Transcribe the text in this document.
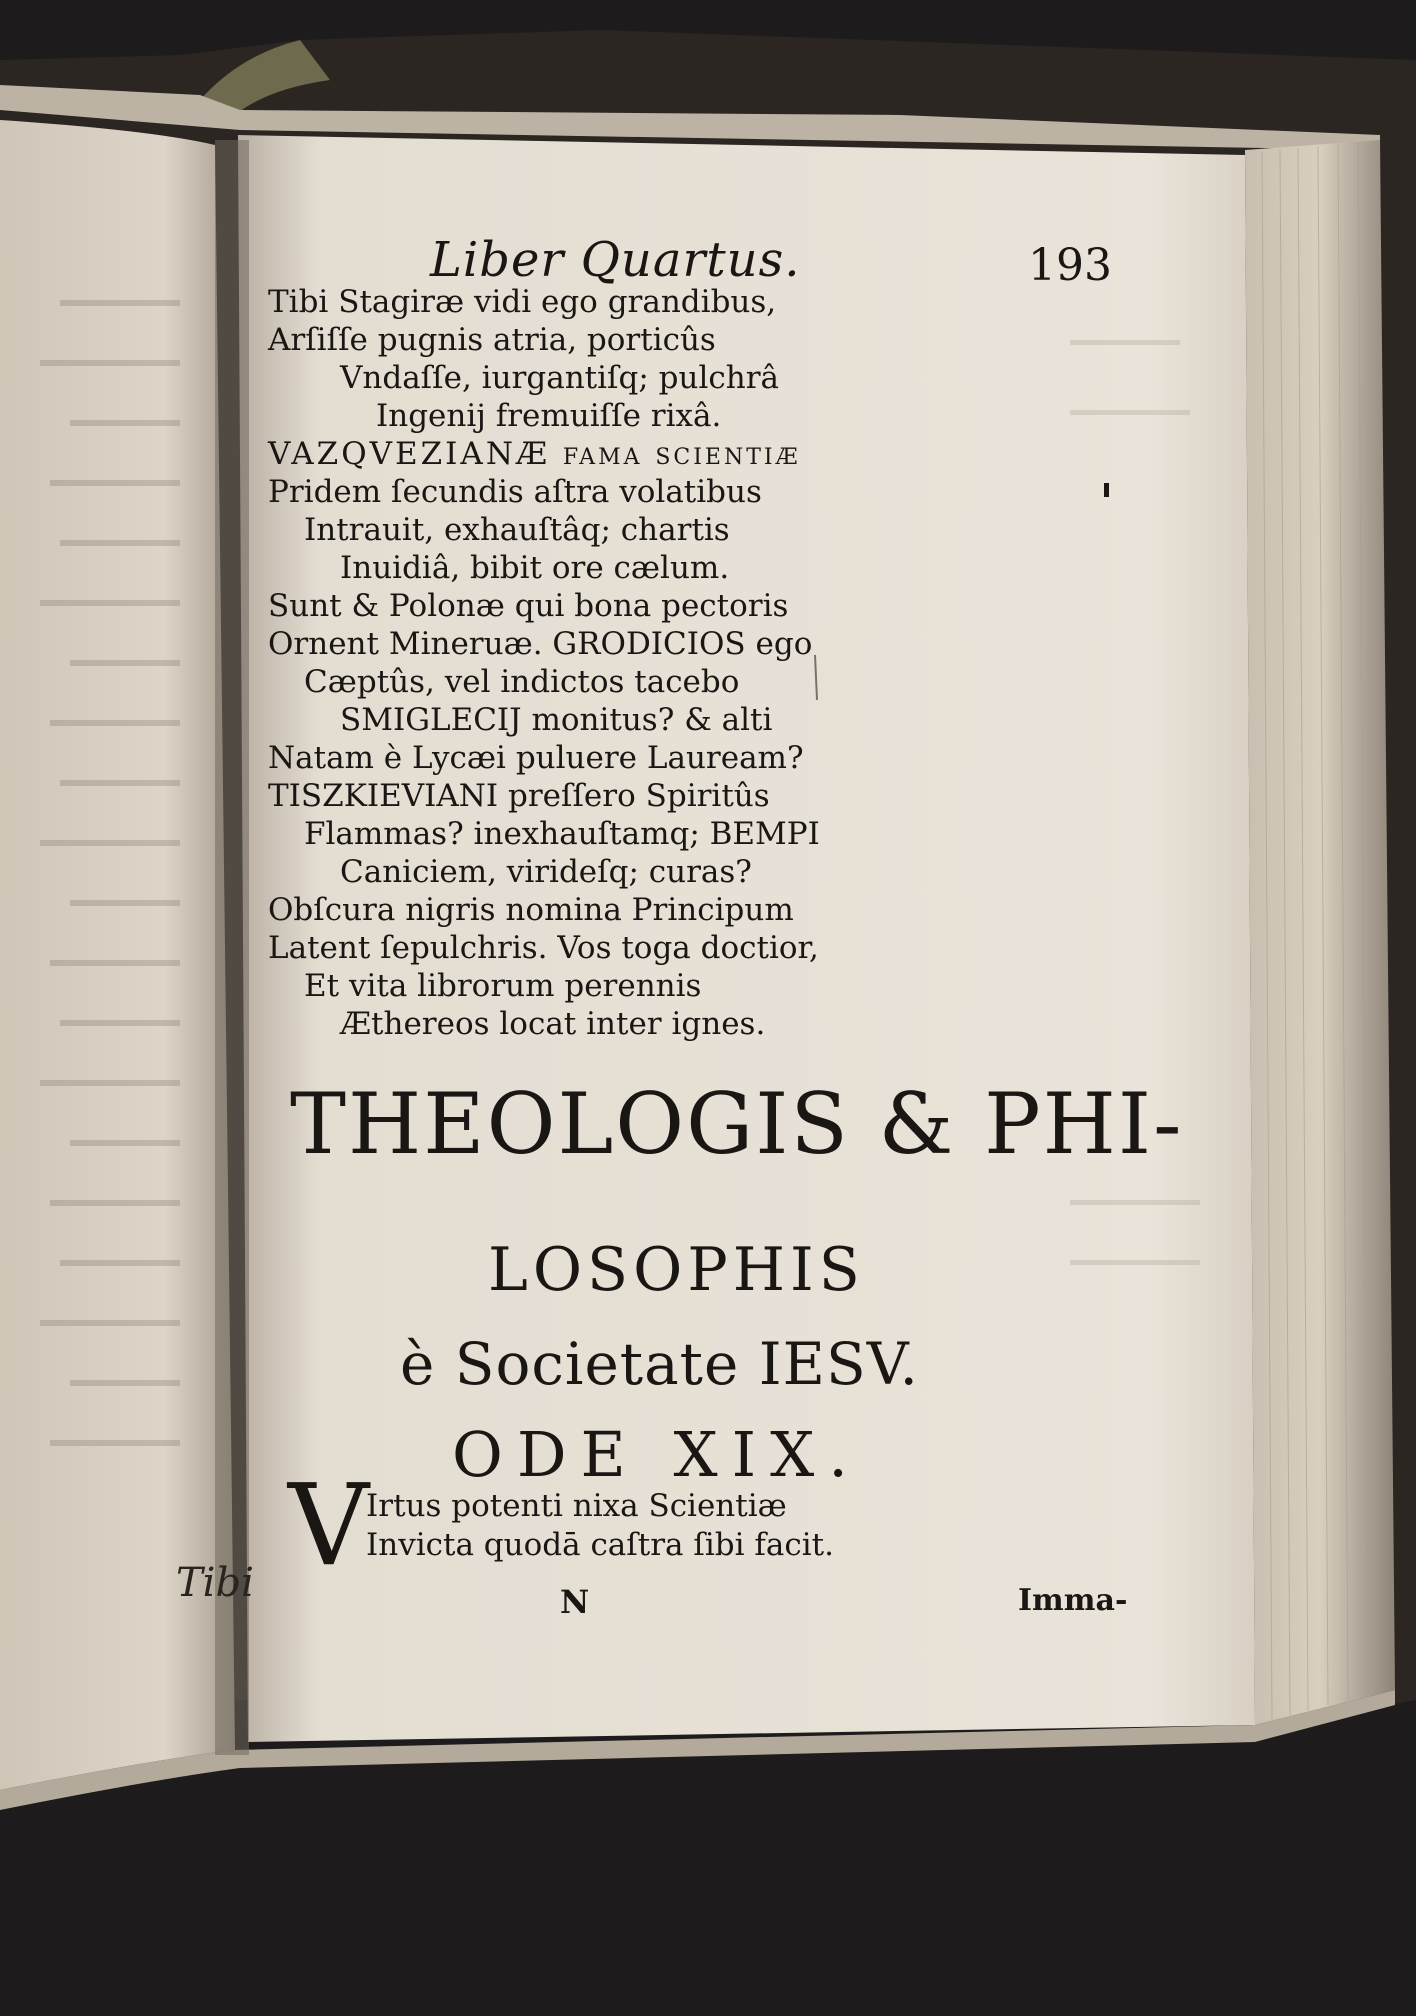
Tibi
Liber Quartus.	193
Tibi Stagiræ vidi ego grandibus,
Arſiſſe pugnis atria, porticûs
Vndaſſe, iurgantiſq; pulchrâ
Ingenij fremuiſſe rixâ.
VAZQVEZIANÆ fama ſcientiæ
Pridem ſecundis aſtra volatibus
Intrauit, exhauſtâq; chartis
Inuidiâ, bibit ore cælum.
Sunt & Polonæ qui bona pectoris
Ornent Mineruæ. GRODICIOS ego
Cæptûs, vel indictos tacebo
SMIGLECIJ monitus? & alti
Natam è Lycæi puluere Lauream?
TISZKIEVIANI preſſero Spiritûs
Flammas? inexhauſtamq; BEMPI
Caniciem, virideſq; curas?
Obſcura nigris nomina Principum
Latent ſepulchris. Vos toga doctior,
Et vita librorum perennis
Æthereos locat inter ignes.
THEOLOGIS & PHI-
LOSOPHIS
è Societate IESV.
ODE XIX.
V
Irtus potenti nixa Scientiæ
Invicta quodā caſtra ſibi facit.
N	Imma-
